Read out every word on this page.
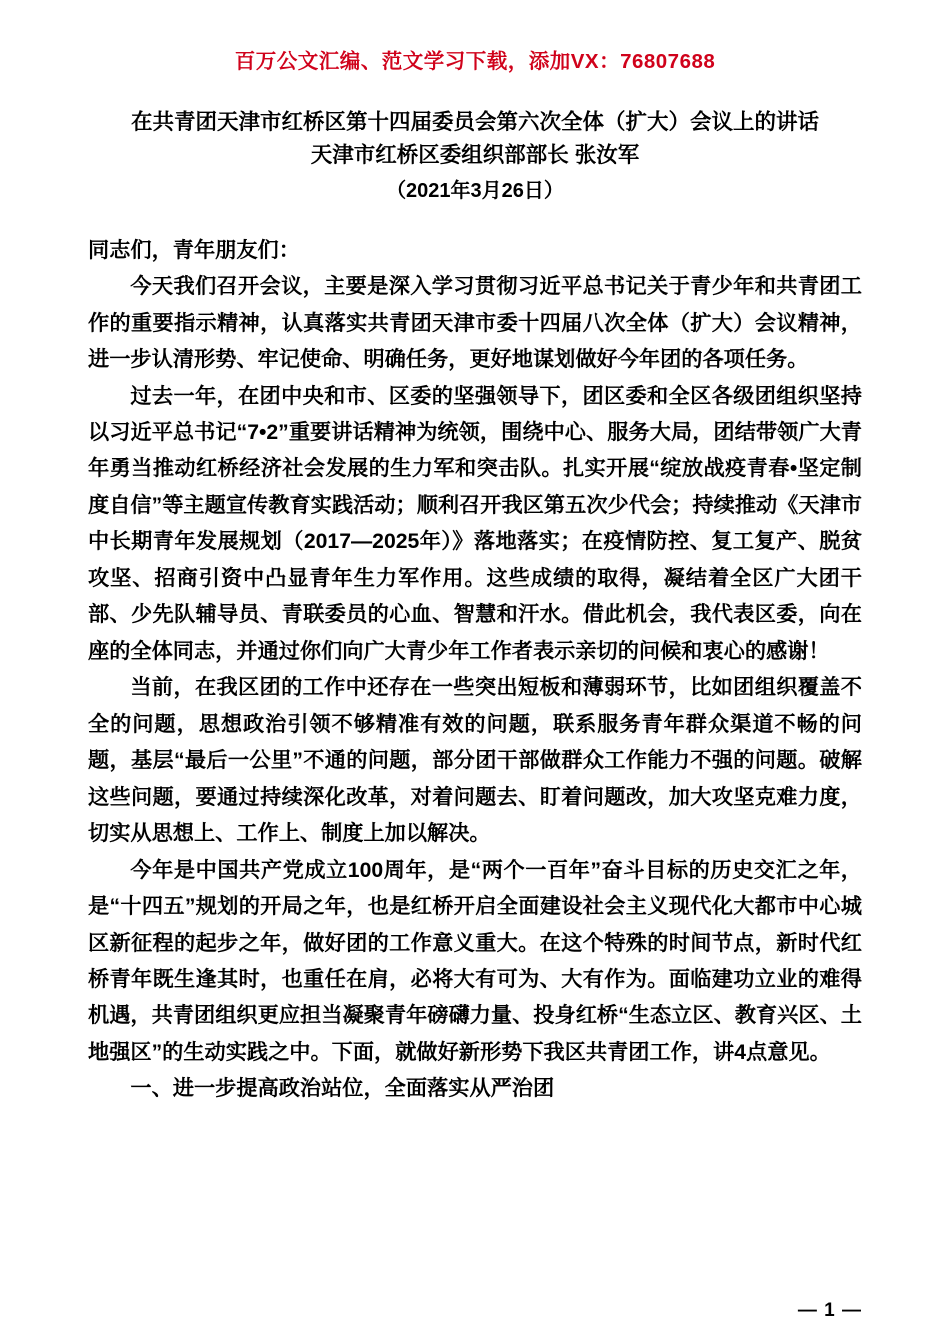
百万公文汇编、范文学习下载，添加VX：76807688
在共青团天津市红桥区第十四届委员会第六次全体（扩大）会议上的讲话
天津市红桥区委组织部部长 张汝军
（2021年3月26日）

同志们，青年朋友们：

今天我们召开会议，主要是深入学习贯彻习近平总书记关于青少年和共青团工作的重要指示精神，认真落实共青团天津市委十四届八次全体（扩大）会议精神，进一步认清形势、牢记使命、明确任务，更好地谋划做好今年团的各项任务。

过去一年，在团中央和市、区委的坚强领导下，团区委和全区各级团组织坚持以习近平总书记“7•2”重要讲话精神为统领，围绕中心、服务大局，团结带领广大青年勇当推动红桥经济社会发展的生力军和突击队。扎实开展“绽放战疫青春•坚定制度自信”等主题宣传教育实践活动；顺利召开我区第五次少代会；持续推动《天津市中长期青年发展规划（2017—2025年）》落地落实；在疫情防控、复工复产、脱贫攻坚、招商引资中凸显青年生力军作用。这些成绩的取得，凝结着全区广大团干部、少先队辅导员、青联委员的心血、智慧和汗水。借此机会，我代表区委，向在座的全体同志，并通过你们向广大青少年工作者表示亲切的问候和衷心的感谢！

当前，在我区团的工作中还存在一些突出短板和薄弱环节，比如团组织覆盖不全的问题，思想政治引领不够精准有效的问题，联系服务青年群众渠道不畅的问题，基层“最后一公里”不通的问题，部分团干部做群众工作能力不强的问题。破解这些问题，要通过持续深化改革，对着问题去、盯着问题改，加大攻坚克难力度，切实从思想上、工作上、制度上加以解决。

今年是中国共产党成立100周年，是“两个一百年”奋斗目标的历史交汇之年，是“十四五”规划的开局之年，也是红桥开启全面建设社会主义现代化大都市中心城区新征程的起步之年，做好团的工作意义重大。在这个特殊的时间节点，新时代红桥青年既生逢其时，也重任在肩，必将大有可为、大有作为。面临建功立业的难得机遇，共青团组织更应担当凝聚青年磅礴力量、投身红桥“生态立区、教育兴区、土地强区”的生动实践之中。下面，就做好新形势下我区共青团工作，讲4点意见。

一、进一步提高政治站位，全面落实从严治团

— 1 —
